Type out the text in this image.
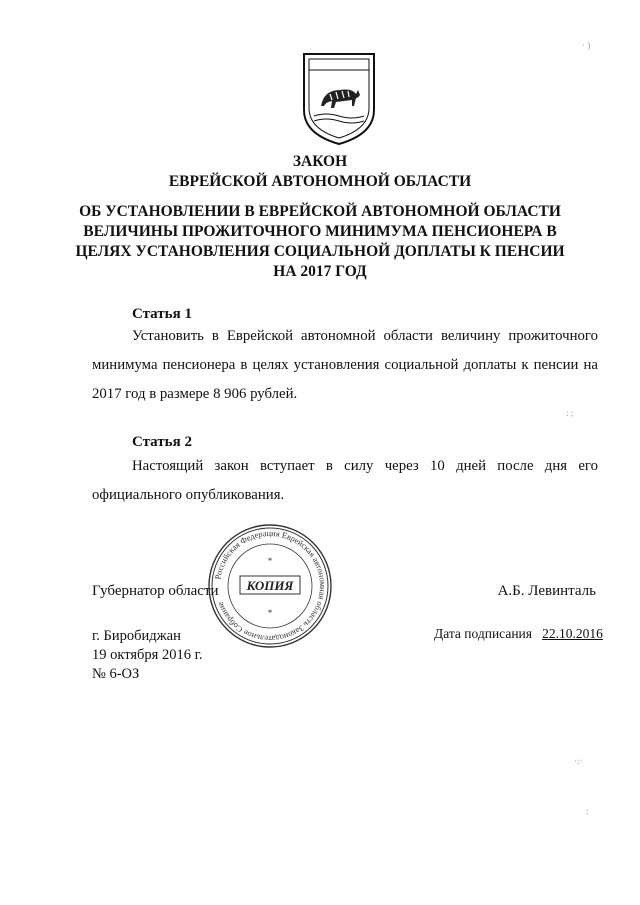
ЗАКОН
ЕВРЕЙСКОЙ АВТОНОМНОЙ ОБЛАСТИ
ОБ УСТАНОВЛЕНИИ В ЕВРЕЙСКОЙ АВТОНОМНОЙ ОБЛАСТИ
ВЕЛИЧИНЫ ПРОЖИТОЧНОГО МИНИМУМА ПЕНСИОНЕРА В
ЦЕЛЯХ УСТАНОВЛЕНИЯ СОЦИАЛЬНОЙ ДОПЛАТЫ К ПЕНСИИ
НА 2017 ГОД
Статья 1
Установить в Еврейской автономной области величину прожиточного минимума пенсионера в целях установления социальной доплаты к пенсии на 2017 год в размере 8 906 рублей.
Статья 2
Настоящий закон вступает в силу через 10 дней после дня его официального опубликования.
Российская Федерация Еврейская автономная область Законодательное Собрание
КОПИЯ
*
*
Губернатор области	А.Б. Левинталь
г. Биробиджан
19 октября 2016 г.
№ 6-ОЗ
Дата подписания 22.10.2016
· )
: ;
·:·
:
